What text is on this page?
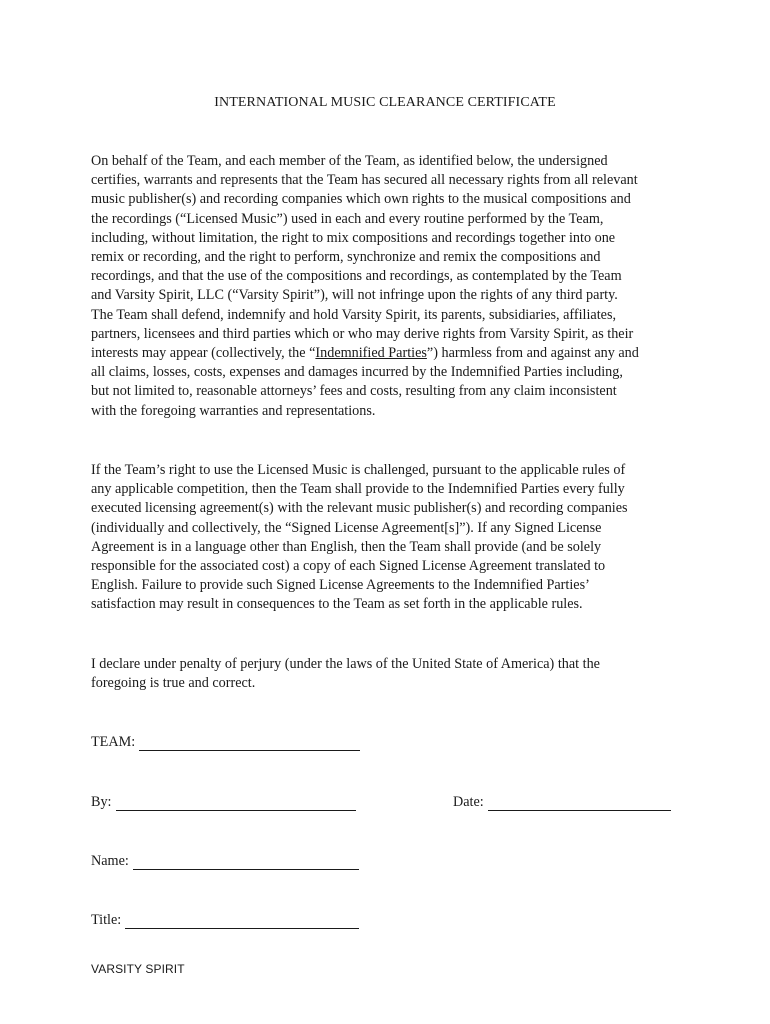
INTERNATIONAL MUSIC CLEARANCE CERTIFICATE

On behalf of the Team, and each member of the Team, as identified below, the undersigned
certifies, warrants and represents that the Team has secured all necessary rights from all relevant
music publisher(s) and recording companies which own rights to the musical compositions and
the recordings (“Licensed Music”) used in each and every routine performed by the Team,
including, without limitation, the right to mix compositions and recordings together into one
remix or recording, and the right to perform, synchronize and remix the compositions and
recordings, and that the use of the compositions and recordings, as contemplated by the Team
and Varsity Spirit, LLC (“Varsity Spirit”), will not infringe upon the rights of any third party.
The Team shall defend, indemnify and hold Varsity Spirit, its parents, subsidiaries, affiliates,
partners, licensees and third parties which or who may derive rights from Varsity Spirit, as their
interests may appear (collectively, the “Indemnified Parties”) harmless from and against any and
all claims, losses, costs, expenses and damages incurred by the Indemnified Parties including,
but not limited to, reasonable attorneys’ fees and costs, resulting from any claim inconsistent
with the foregoing warranties and representations.

If the Team’s right to use the Licensed Music is challenged, pursuant to the applicable rules of
any applicable competition, then the Team shall provide to the Indemnified Parties every fully
executed licensing agreement(s) with the relevant music publisher(s) and recording companies
(individually and collectively, the “Signed License Agreement[s]”). If any Signed License
Agreement is in a language other than English, then the Team shall provide (and be solely
responsible for the associated cost) a copy of each Signed License Agreement translated to
English. Failure to provide such Signed License Agreements to the Indemnified Parties’
satisfaction may result in consequences to the Team as set forth in the applicable rules.

I declare under penalty of perjury (under the laws of the United State of America) that the
foregoing is true and correct.

TEAM:
By:	Date:
Name:
Title:
VARSITY SPIRIT
